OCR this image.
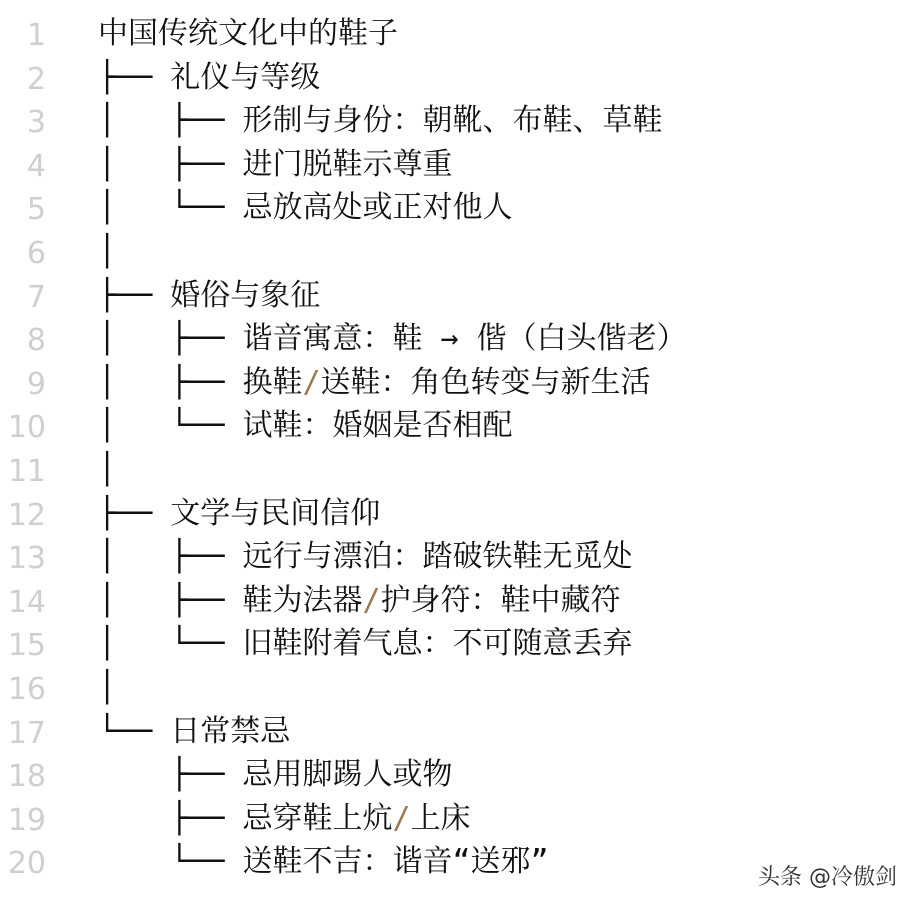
1 中国传统文化中的鞋子
2 ├── 礼仪与等级
3 │   ├── 形制与身份：朝靴、布鞋、草鞋
4 │   ├── 进门脱鞋示尊重
5 │   └── 忌放高处或正对他人
6 │
7 ├── 婚俗与象征
8 │   ├── 谐音寓意：鞋 → 偕（白头偕老）
9 │   ├── 换鞋/送鞋：角色转变与新生活
10 │   └── 试鞋：婚姻是否相配
11 │
12 ├── 文学与民间信仰
13 │   ├── 远行与漂泊：踏破铁鞋无觅处
14 │   ├── 鞋为法器/护身符：鞋中藏符
15 │   └── 旧鞋附着气息：不可随意丢弃
16 │
17 └── 日常禁忌
18 ├── 忌用脚踢人或物
19 ├── 忌穿鞋上炕/上床
20 └── 送鞋不吉：谐音“送邪”	头条 @冷傲剑
